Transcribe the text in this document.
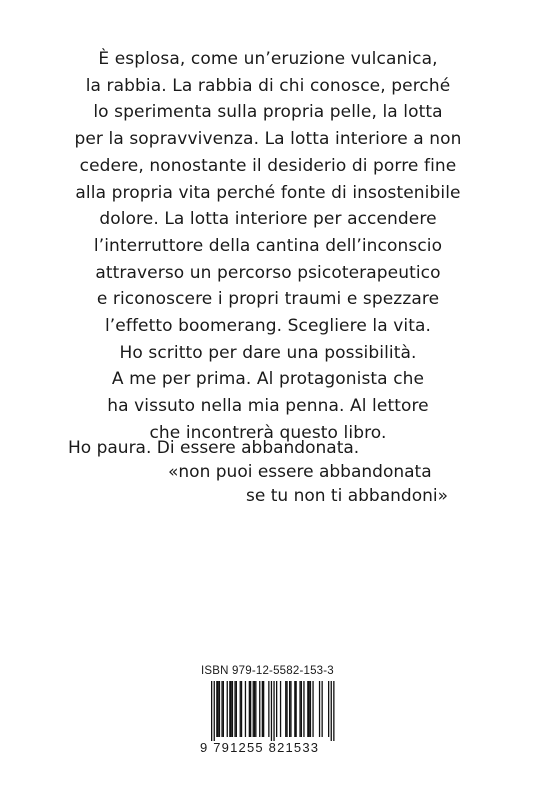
È esplosa, come un’eruzione vulcanica,
la rabbia. La rabbia di chi conosce, perché
lo sperimenta sulla propria pelle, la lotta
per la sopravvivenza. La lotta interiore a non
cedere, nonostante il desiderio di porre fine
alla propria vita perché fonte di insostenibile
dolore. La lotta interiore per accendere
l’interruttore della cantina dell’inconscio
attraverso un percorso psicoterapeutico
e riconoscere i propri traumi e spezzare
l’effetto boomerang. Scegliere la vita.
Ho scritto per dare una possibilità.
A me per prima. Al protagonista che
ha vissuto nella mia penna. Al lettore
che incontrerà questo libro.
Ho paura. Di essere abbandonata.
«non puoi essere abbandonata
se tu non ti abbandoni»
ISBN 979-12-5582-153-3
9 791255 821533
